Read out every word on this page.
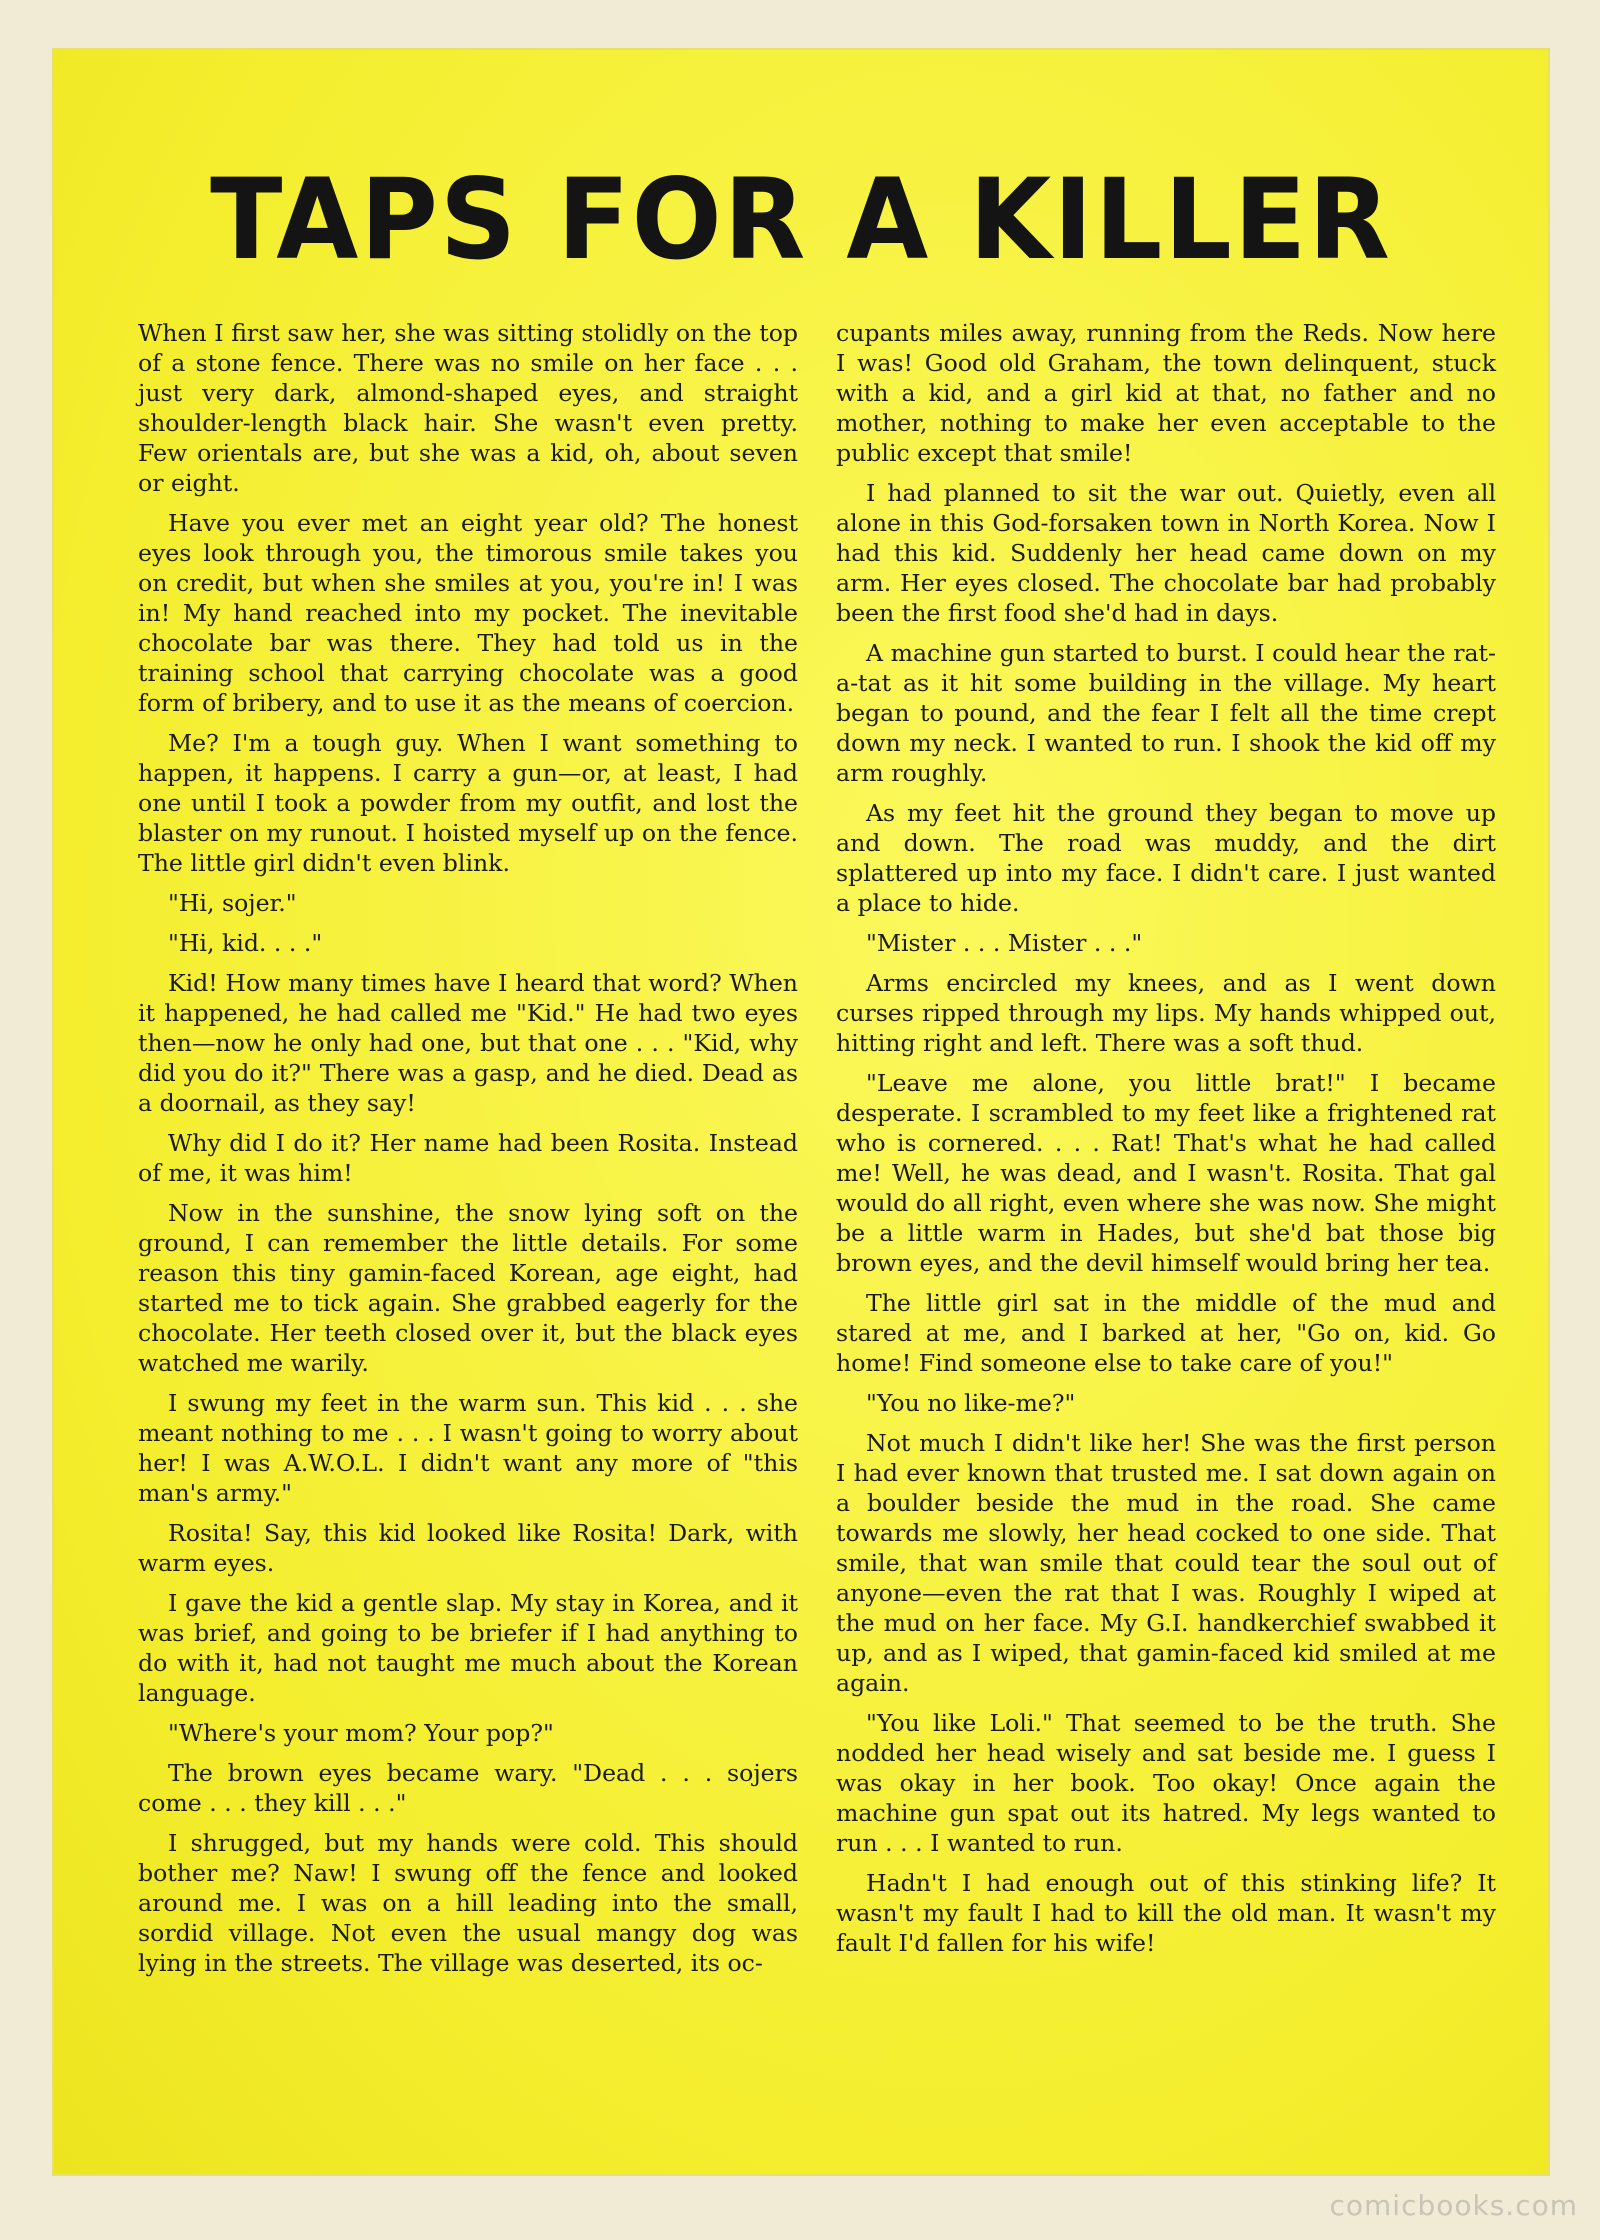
TAPS FOR A KILLER

When I first saw her, she was sitting stolidly on the top of a stone fence. There was no smile on her face . . . just very dark, almond-shaped eyes, and straight shoulder-length black hair. She wasn't even pretty. Few orientals are, but she was a kid, oh, about seven or eight.

Have you ever met an eight year old? The honest eyes look through you, the timorous smile takes you on credit, but when she smiles at you, you're in! I was in! My hand reached into my pocket. The inevitable chocolate bar was there. They had told us in the training school that carrying chocolate was a good form of bribery, and to use it as the means of coercion.

Me? I'm a tough guy. When I want something to happen, it happens. I carry a gun—or, at least, I had one until I took a powder from my outfit, and lost the blaster on my runout. I hoisted myself up on the fence. The little girl didn't even blink.

"Hi, sojer."

"Hi, kid. . . ."

Kid! How many times have I heard that word? When it happened, he had called me "Kid." He had two eyes then—now he only had one, but that one . . . "Kid, why did you do it?" There was a gasp, and he died. Dead as a doornail, as they say!

Why did I do it? Her name had been Rosita. Instead of me, it was him!

Now in the sunshine, the snow lying soft on the ground, I can remember the little details. For some reason this tiny gamin-faced Korean, age eight, had started me to tick again. She grabbed eagerly for the chocolate. Her teeth closed over it, but the black eyes watched me warily.

I swung my feet in the warm sun. This kid . . . she meant nothing to me . . . I wasn't going to worry about her! I was A.W.O.L. I didn't want any more of "this man's army."

Rosita! Say, this kid looked like Rosita! Dark, with warm eyes.

I gave the kid a gentle slap. My stay in Korea, and it was brief, and going to be briefer if I had anything to do with it, had not taught me much about the Korean language.

"Where's your mom? Your pop?"

The brown eyes became wary. "Dead . . . sojers come . . . they kill . . ."

I shrugged, but my hands were cold. This should bother me? Naw! I swung off the fence and looked around me. I was on a hill leading into the small, sordid village. Not even the usual mangy dog was lying in the streets. The village was deserted, its oc-

cupants miles away, running from the Reds. Now here I was! Good old Graham, the town delinquent, stuck with a kid, and a girl kid at that, no father and no mother, nothing to make her even acceptable to the public except that smile!

I had planned to sit the war out. Quietly, even all alone in this God-forsaken town in North Korea. Now I had this kid. Suddenly her head came down on my arm. Her eyes closed. The chocolate bar had probably been the first food she'd had in days.

A machine gun started to burst. I could hear the rat-a-tat as it hit some building in the village. My heart began to pound, and the fear I felt all the time crept down my neck. I wanted to run. I shook the kid off my arm roughly.

As my feet hit the ground they began to move up and down. The road was muddy, and the dirt splattered up into my face. I didn't care. I just wanted a place to hide.

"Mister . . . Mister . . ."

Arms encircled my knees, and as I went down curses ripped through my lips. My hands whipped out, hitting right and left. There was a soft thud.

"Leave me alone, you little brat!" I became desperate. I scrambled to my feet like a frightened rat who is cornered. . . . Rat! That's what he had called me! Well, he was dead, and I wasn't. Rosita. That gal would do all right, even where she was now. She might be a little warm in Hades, but she'd bat those big brown eyes, and the devil himself would bring her tea.

The little girl sat in the middle of the mud and stared at me, and I barked at her, "Go on, kid. Go home! Find someone else to take care of you!"

"You no like-me?"

Not much I didn't like her! She was the first person I had ever known that trusted me. I sat down again on a boulder beside the mud in the road. She came towards me slowly, her head cocked to one side. That smile, that wan smile that could tear the soul out of anyone—even the rat that I was. Roughly I wiped at the mud on her face. My G.I. handkerchief swabbed it up, and as I wiped, that gamin-faced kid smiled at me again.

"You like Loli." That seemed to be the truth. She nodded her head wisely and sat beside me. I guess I was okay in her book. Too okay! Once again the machine gun spat out its hatred. My legs wanted to run . . . I wanted to run.

Hadn't I had enough out of this stinking life? It wasn't my fault I had to kill the old man. It wasn't my fault I'd fallen for his wife!

comicbooks.com
